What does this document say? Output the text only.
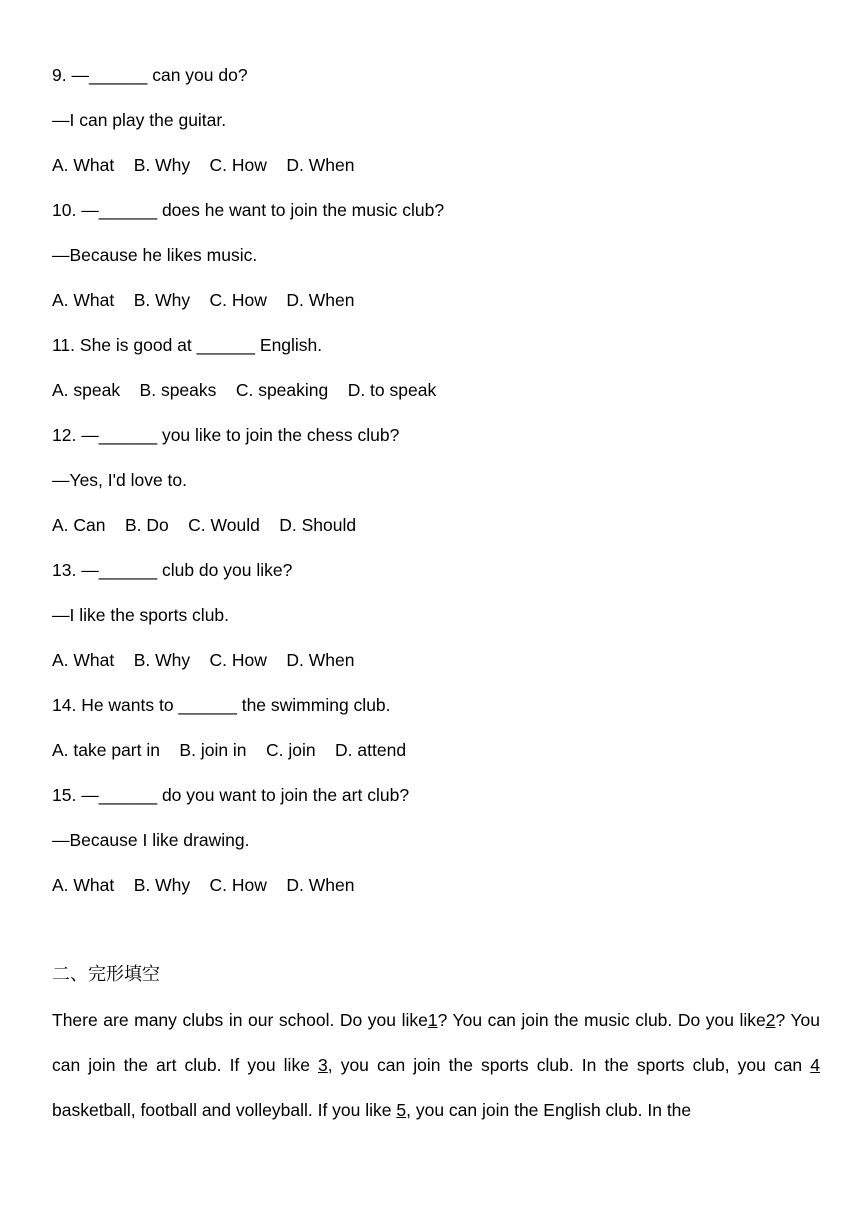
9. —______ can you do?

—I can play the guitar.

A. What    B. Why    C. How    D. When

10. —______ does he want to join the music club?

—Because he likes music.

A. What    B. Why    C. How    D. When

11. She is good at ______ English.

A. speak    B. speaks    C. speaking    D. to speak

12. —______ you like to join the chess club?

—Yes, I'd love to.

A. Can    B. Do    C. Would    D. Should

13. —______ club do you like?

—I like the sports club.

A. What    B. Why    C. How    D. When

14. He wants to ______ the swimming club.

A. take part in    B. join in    C. join    D. attend

15. —______ do you want to join the art club?

—Because I like drawing.

A. What    B. Why    C. How    D. When

二、完形填空

There are many clubs in our school. Do you like1? You can join the music club. Do you like2? You can join the art club. If you like 3, you can join the sports club. In the sports club, you can 4 basketball, football and volleyball. If you like 5, you can join the English club. In the
